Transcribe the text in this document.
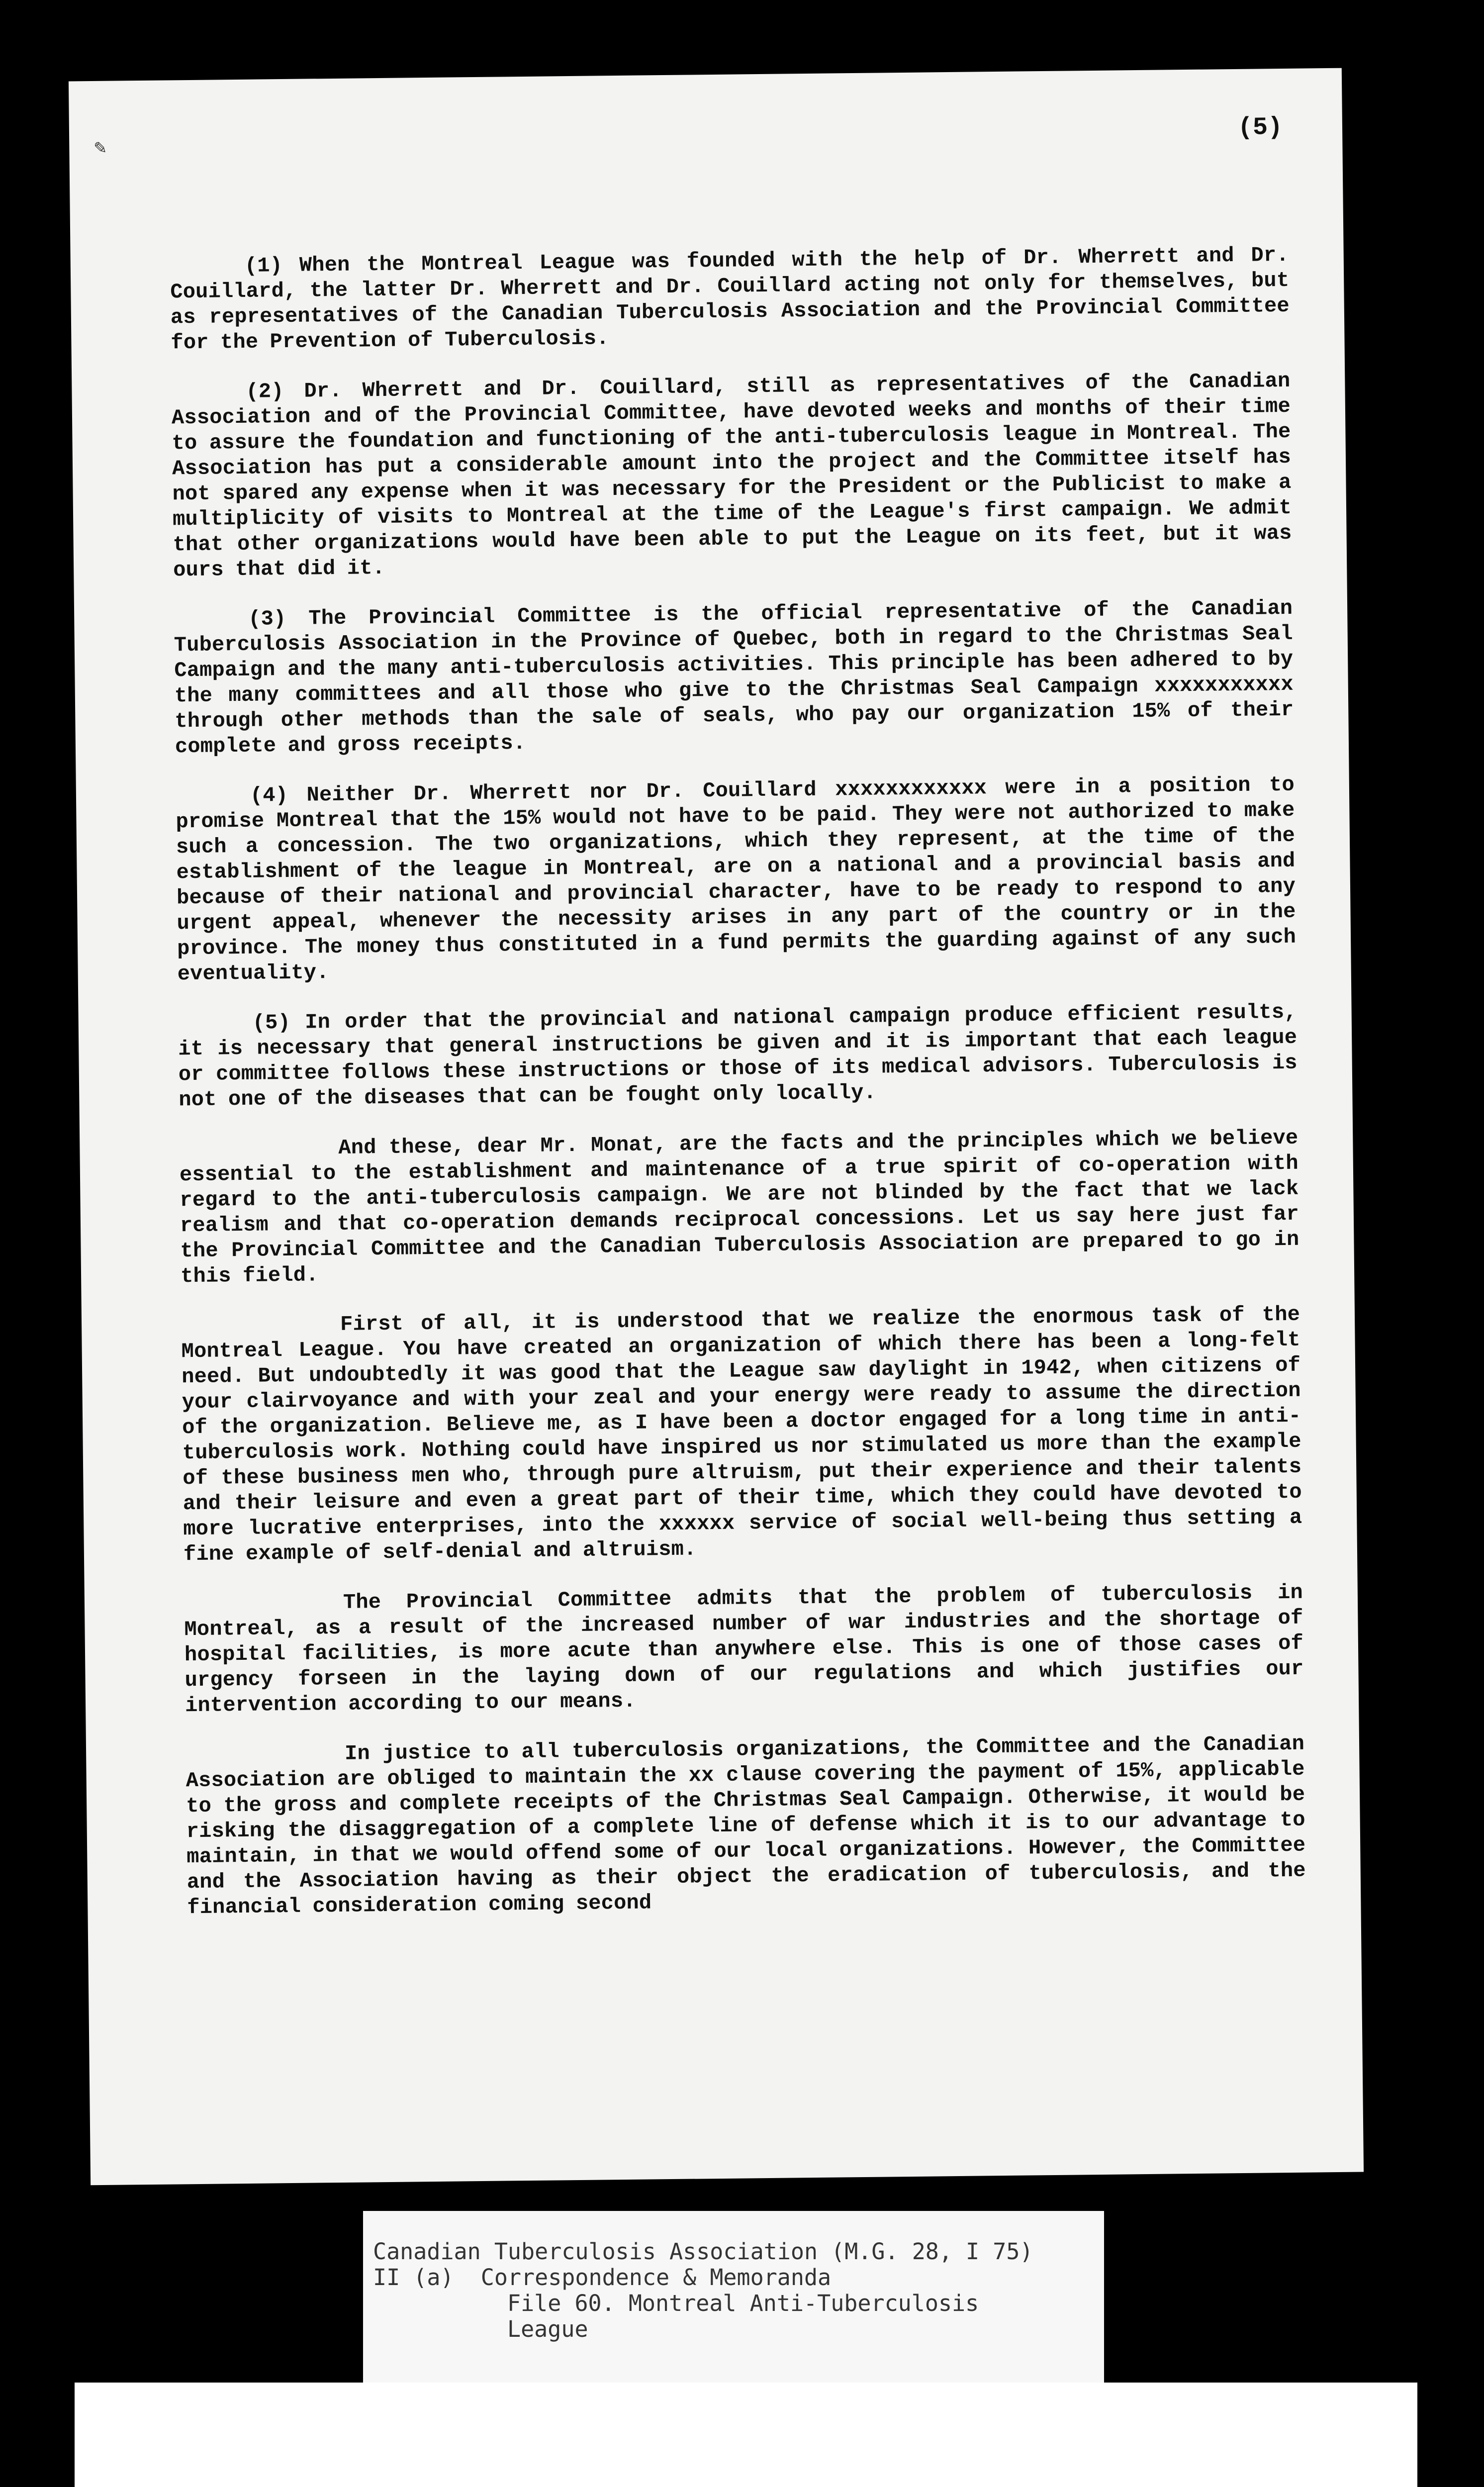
✎

(5)

(1) When the Montreal League was founded with the help of Dr. Wherrett and Dr. Couillard, the latter Dr. Wherrett and Dr. Couillard acting not only for themselves, but as representatives of the Canadian Tuberculosis Association and the Provincial Committee for the Prevention of Tuberculosis.

(2) Dr. Wherrett and Dr. Couillard, still as representatives of the Canadian Association and of the Provincial Committee, have devoted weeks and months of their time to assure the foundation and functioning of the anti-tuberculosis league in Montreal. The Association has put a considerable amount into the project and the Committee itself has not spared any expense when it was necessary for the President or the Publicist to make a multiplicity of visits to Montreal at the time of the League's first campaign. We admit that other organizations would have been able to put the League on its feet, but it was ours that did it.

(3) The Provincial Committee is the official representative of the Canadian Tuberculosis Association in the Province of Quebec, both in regard to the Christmas Seal Campaign and the many anti-tuberculosis activities. This principle has been adhered to by the many committees and all those who give to the Christmas Seal Campaign xxxxxxxxxxx through other methods than the sale of seals, who pay our organization 15% of their complete and gross receipts.

(4) Neither Dr. Wherrett nor Dr. Couillard xxxxxxxxxxxx were in a position to promise Montreal that the 15% would not have to be paid. They were not authorized to make such a concession. The two organizations, which they represent, at the time of the establishment of the league in Montreal, are on a national and a provincial basis and because of their national and provincial character, have to be ready to respond to any urgent appeal, whenever the necessity arises in any part of the country or in the province. The money thus constituted in a fund permits the guarding against of any such eventuality.

(5) In order that the provincial and national campaign produce efficient results, it is necessary that general instructions be given and it is important that each league or committee follows these instructions or those of its medical advisors. Tuberculosis is not one of the diseases that can be fought only locally.

And these, dear Mr. Monat, are the facts and the principles which we believe essential to the establishment and maintenance of a true spirit of co-operation with regard to the anti-tuberculosis campaign. We are not blinded by the fact that we lack realism and that co-operation demands reciprocal concessions. Let us say here just far the Provincial Committee and the Canadian Tuberculosis Association are prepared to go in this field.

First of all, it is understood that we realize the enormous task of the Montreal League. You have created an organization of which there has been a long-felt need. But undoubtedly it was good that the League saw daylight in 1942, when citizens of your clairvoyance and with your zeal and your energy were ready to assume the direction of the organization. Believe me, as I have been a doctor engaged for a long time in anti-tuberculosis work. Nothing could have inspired us nor stimulated us more than the example of these business men who, through pure altruism, put their experience and their talents and their leisure and even a great part of their time, which they could have devoted to more lucrative enterprises, into the xxxxxx service of social well-being thus setting a fine example of self-denial and altruism.

The Provincial Committee admits that the problem of tuberculosis in Montreal, as a result of the increased number of war industries and the shortage of hospital facilities, is more acute than anywhere else. This is one of those cases of urgency forseen in the laying down of our regulations and which justifies our intervention according to our means.

In justice to all tuberculosis organizations, the Committee and the Canadian Association are obliged to maintain the xx clause covering the payment of 15%, applicable to the gross and complete receipts of the Christmas Seal Campaign. Otherwise, it would be risking the disaggregation of a complete line of defense which it is to our advantage to maintain, in that we would offend some of our local organizations. However, the Committee and the Association having as their object the eradication of tuberculosis, and the financial consideration coming second

Canadian Tuberculosis Association (M.G. 28, I 75)

II (a) Correspondence & Memoranda

File 60. Montreal Anti-Tuberculosis

League
